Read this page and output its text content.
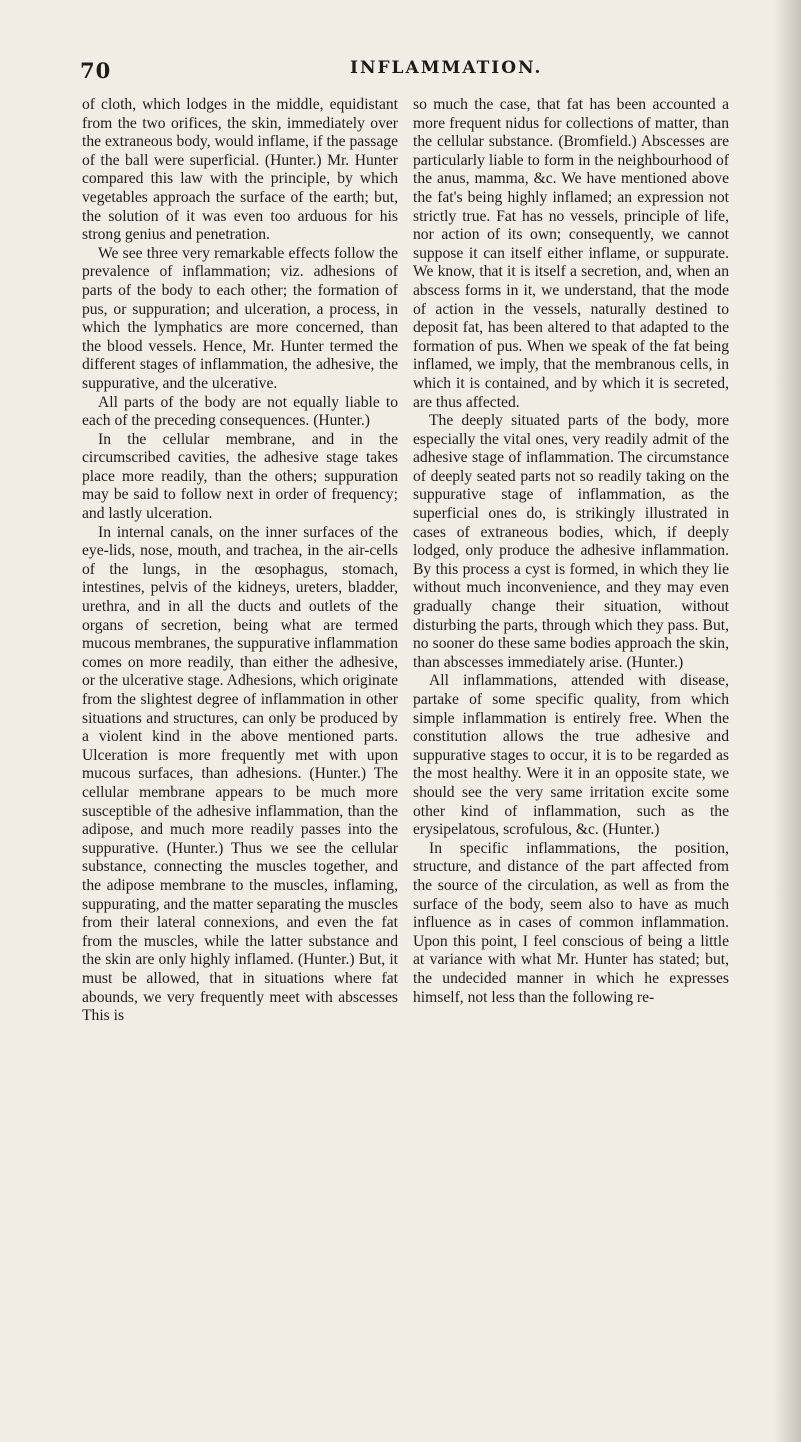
70	INFLAMMATION.

of cloth, which lodges in the middle, equidistant from the two orifices, the skin, immediately over the extraneous body, would inflame, if the passage of the ball were superficial. (Hunter.) Mr. Hunter compared this law with the principle, by which vegetables approach the surface of the earth; but, the solution of it was even too arduous for his strong genius and penetration.

We see three very remarkable effects follow the prevalence of inflammation; viz. adhesions of parts of the body to each other; the formation of pus, or suppuration; and ulceration, a process, in which the lymphatics are more concerned, than the blood vessels. Hence, Mr. Hunter termed the different stages of inflammation, the adhesive, the suppurative, and the ulcerative.

All parts of the body are not equally liable to each of the preceding consequences. (Hunter.)

In the cellular membrane, and in the circumscribed cavities, the adhesive stage takes place more readily, than the others; suppuration may be said to follow next in order of frequency; and lastly ulceration.

In internal canals, on the inner surfaces of the eye-lids, nose, mouth, and trachea, in the air-cells of the lungs, in the œsophagus, stomach, intestines, pelvis of the kidneys, ureters, bladder, urethra, and in all the ducts and outlets of the organs of secretion, being what are termed mucous membranes, the suppurative inflammation comes on more readily, than either the adhesive, or the ulcerative stage. Adhesions, which originate from the slightest degree of inflammation in other situations and structures, can only be produced by a violent kind in the above mentioned parts. Ulceration is more frequently met with upon mucous surfaces, than adhesions. (Hunter.) The cellular membrane appears to be much more susceptible of the adhesive inflammation, than the adipose, and much more readily passes into the suppurative. (Hunter.) Thus we see the cellular substance, connecting the muscles together, and the adipose membrane to the muscles, inflaming, suppurating, and the matter separating the muscles from their lateral connexions, and even the fat from the muscles, while the latter substance and the skin are only highly inflamed. (Hunter.) But, it must be allowed, that in situations where fat abounds, we very frequently meet with abscesses This is

so much the case, that fat has been accounted a more frequent nidus for collections of matter, than the cellular substance. (Bromfield.) Abscesses are particularly liable to form in the neighbourhood of the anus, mamma, &c. We have mentioned above the fat's being highly inflamed; an expression not strictly true. Fat has no vessels, principle of life, nor action of its own; consequently, we cannot suppose it can itself either inflame, or suppurate. We know, that it is itself a secretion, and, when an abscess forms in it, we understand, that the mode of action in the vessels, naturally destined to deposit fat, has been altered to that adapted to the formation of pus. When we speak of the fat being inflamed, we imply, that the membranous cells, in which it is contained, and by which it is secreted, are thus affected.

The deeply situated parts of the body, more especially the vital ones, very readily admit of the adhesive stage of inflammation. The circumstance of deeply seated parts not so readily taking on the suppurative stage of inflammation, as the superficial ones do, is strikingly illustrated in cases of extraneous bodies, which, if deeply lodged, only produce the adhesive inflammation. By this process a cyst is formed, in which they lie without much inconvenience, and they may even gradually change their situation, without disturbing the parts, through which they pass. But, no sooner do these same bodies approach the skin, than abscesses immediately arise. (Hunter.)

All inflammations, attended with disease, partake of some specific quality, from which simple inflammation is entirely free. When the constitution allows the true adhesive and suppurative stages to occur, it is to be regarded as the most healthy. Were it in an opposite state, we should see the very same irritation excite some other kind of inflammation, such as the erysipelatous, scrofulous, &c. (Hunter.)

In specific inflammations, the position, structure, and distance of the part affected from the source of the circulation, as well as from the surface of the body, seem also to have as much influence as in cases of common inflammation. Upon this point, I feel conscious of being a little at variance with what Mr. Hunter has stated; but, the undecided manner in which he expresses himself, not less than the following re-
